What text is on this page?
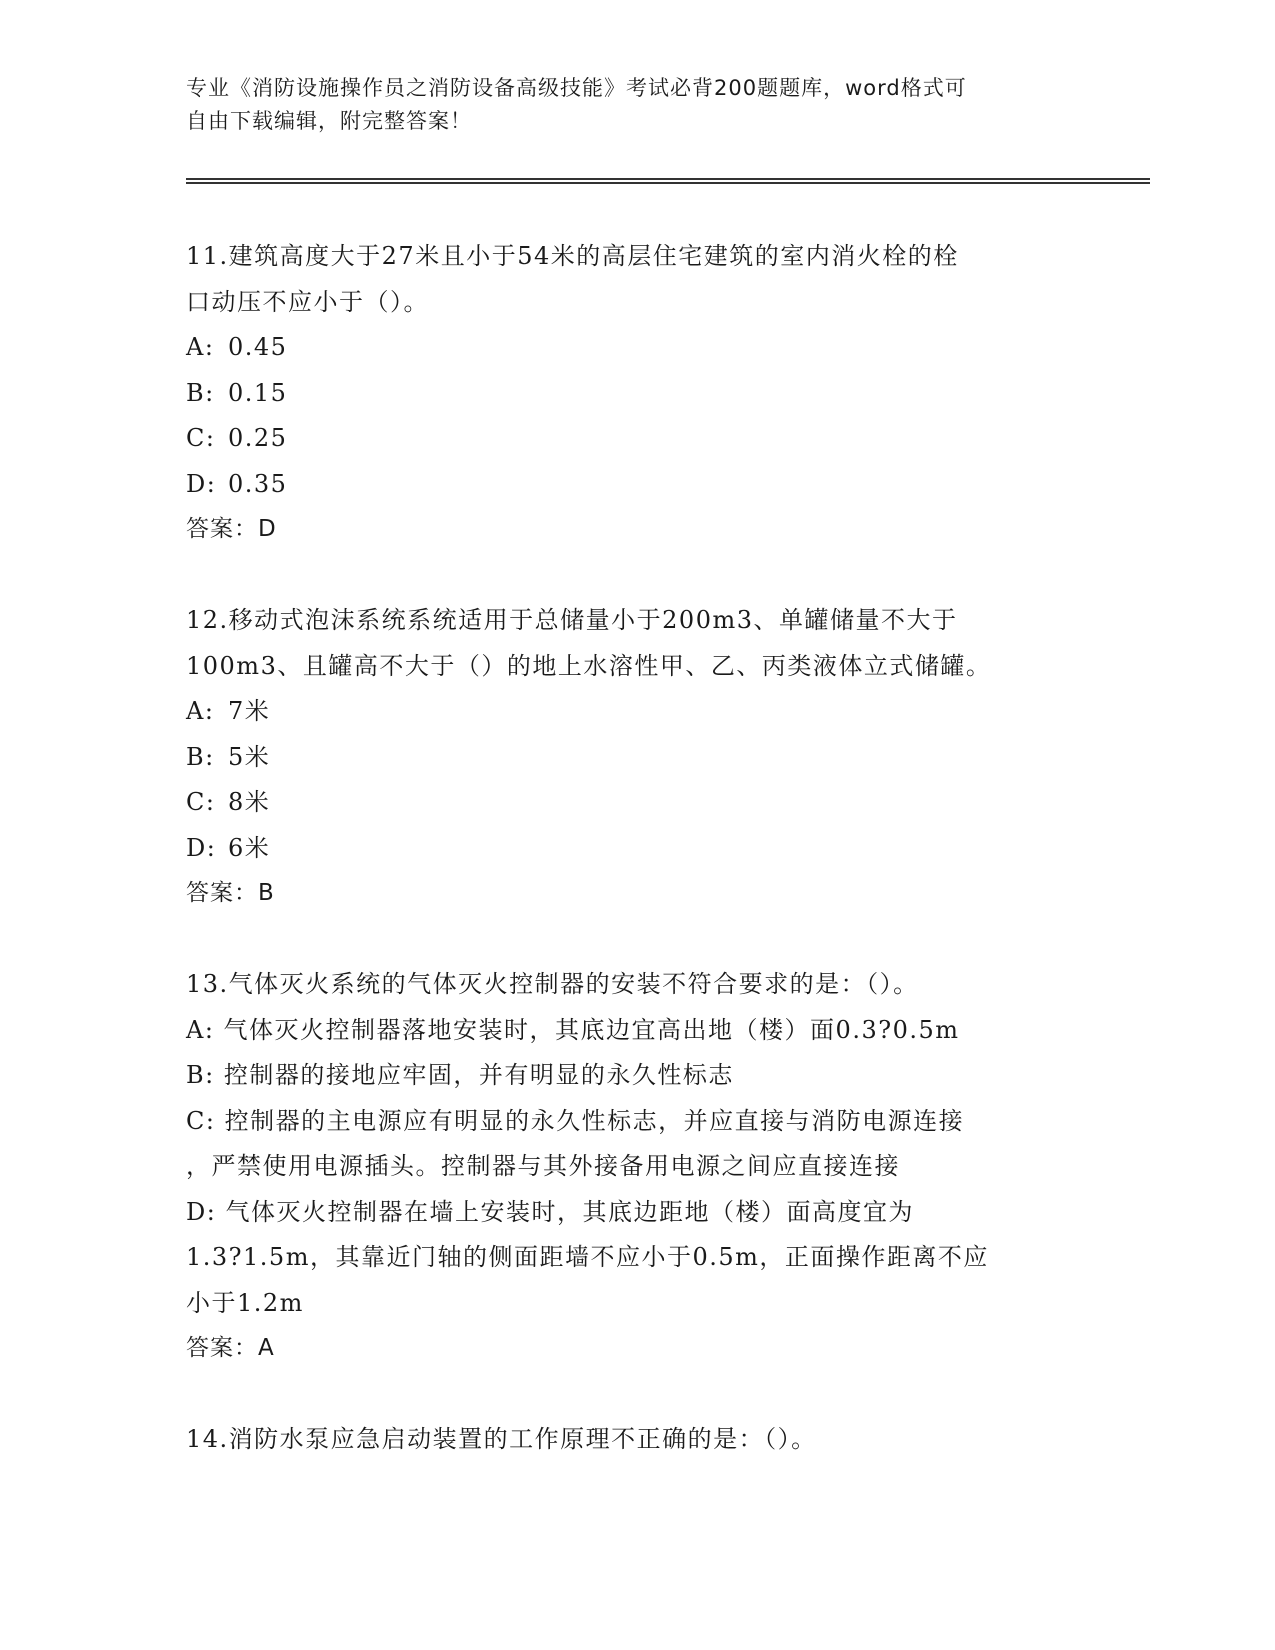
专业《消防设施操作员之消防设备高级技能》考试必背200题题库，word格式可
自由下载编辑，附完整答案！
11.建筑高度大于27米且小于54米的高层住宅建筑的室内消火栓的栓
口动压不应小于（）。
A: 0.45
B: 0.15
C: 0.25
D: 0.35
答案：D
12.移动式泡沫系统系统适用于总储量小于200m3、单罐储量不大于
100m3、且罐高不大于（）的地上水溶性甲、乙、丙类液体立式储罐。
A: 7米
B: 5米
C: 8米
D: 6米
答案：B
13.气体灭火系统的气体灭火控制器的安装不符合要求的是：（）。
A: 气体灭火控制器落地安装时，其底边宜高出地（楼）面0.3?0.5m
B: 控制器的接地应牢固，并有明显的永久性标志
C: 控制器的主电源应有明显的永久性标志，并应直接与消防电源连接
，严禁使用电源插头。控制器与其外接备用电源之间应直接连接
D: 气体灭火控制器在墙上安装时，其底边距地（楼）面高度宜为
1.3?1.5m，其靠近门轴的侧面距墙不应小于0.5m，正面操作距离不应
小于1.2m
答案：A
14.消防水泵应急启动装置的工作原理不正确的是：（）。
